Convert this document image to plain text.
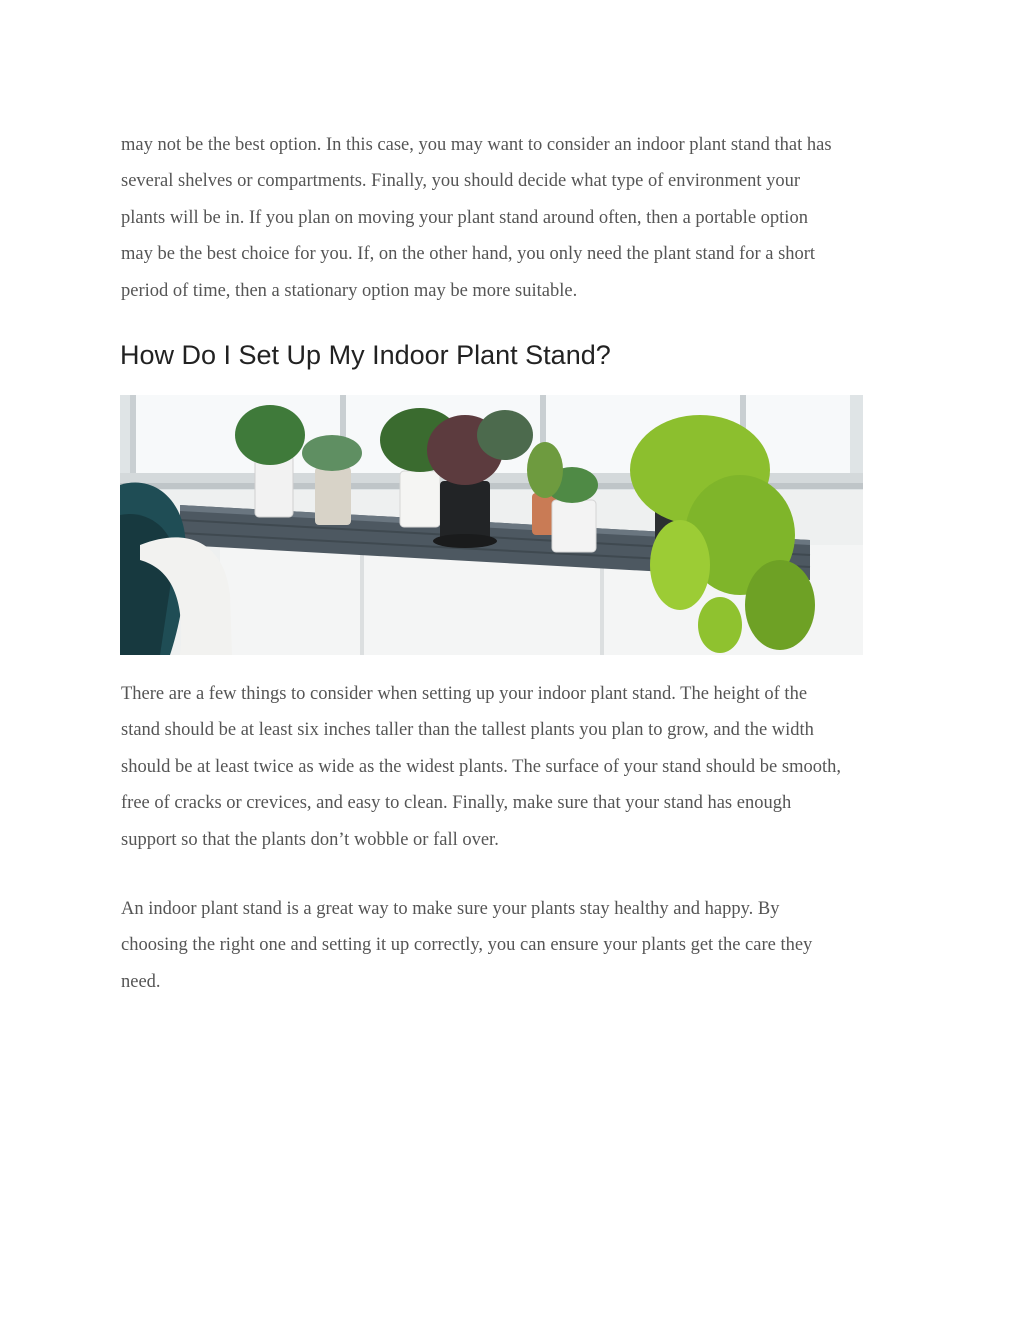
may not be the best option. In this case, you may want to consider an indoor plant stand that has
several shelves or compartments. Finally, you should decide what type of environment your
plants will be in. If you plan on moving your plant stand around often, then a portable option
may be the best choice for you. If, on the other hand, you only need the plant stand for a short
period of time, then a stationary option may be more suitable.

How Do I Set Up My Indoor Plant Stand?

There are a few things to consider when setting up your indoor plant stand. The height of the
stand should be at least six inches taller than the tallest plants you plan to grow, and the width
should be at least twice as wide as the widest plants. The surface of your stand should be smooth,
free of cracks or crevices, and easy to clean. Finally, make sure that your stand has enough
support so that the plants don’t wobble or fall over.

An indoor plant stand is a great way to make sure your plants stay healthy and happy. By
choosing the right one and setting it up correctly, you can ensure your plants get the care they
need.
